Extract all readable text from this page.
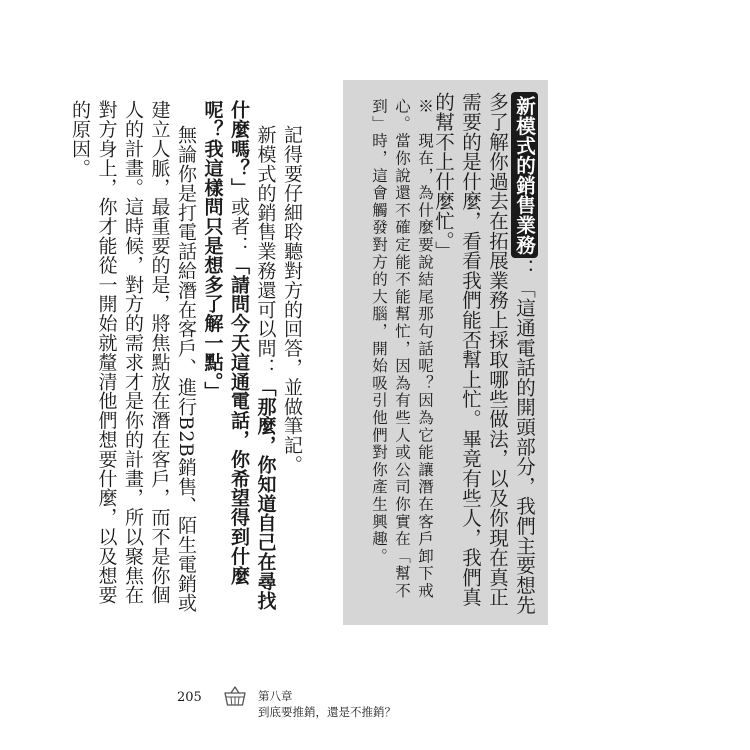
新模式的銷售業務：「這通電話的開頭部分，我們主要想先多了解你過去在拓展業務上採取哪些做法，以及你現在真正需要的是什麼，看看我們能否幫上忙。畢竟有些人，我們真的幫不上什麼忙。」
※　現在，為什麼要說結尾那句話呢？因為它能讓潛在客戶卸下戒心。當你說還不確定能不能幫忙，因為有些人或公司你實在「幫不到」時，這會觸發對方的大腦，開始吸引他們對你產生興趣。

記得要仔細聆聽對方的回答，並做筆記。

新模式的銷售業務還可以問：「那麼，你知道自己在尋找什麼嗎？」或者：「請問今天這通電話，你希望得到什麼呢？我這樣問只是想多了解一點。」

無論你是打電話給潛在客戶、進行B2B銷售、陌生電銷或建立人脈，最重要的是，將焦點放在潛在客戶，而不是你個人的計畫。這時候，對方的需求才是你的計畫，所以聚焦在對方身上，你才能從一開始就釐清他們想要什麼，以及想要的原因。

205	第八章
到底要推銷，還是不推銷？
